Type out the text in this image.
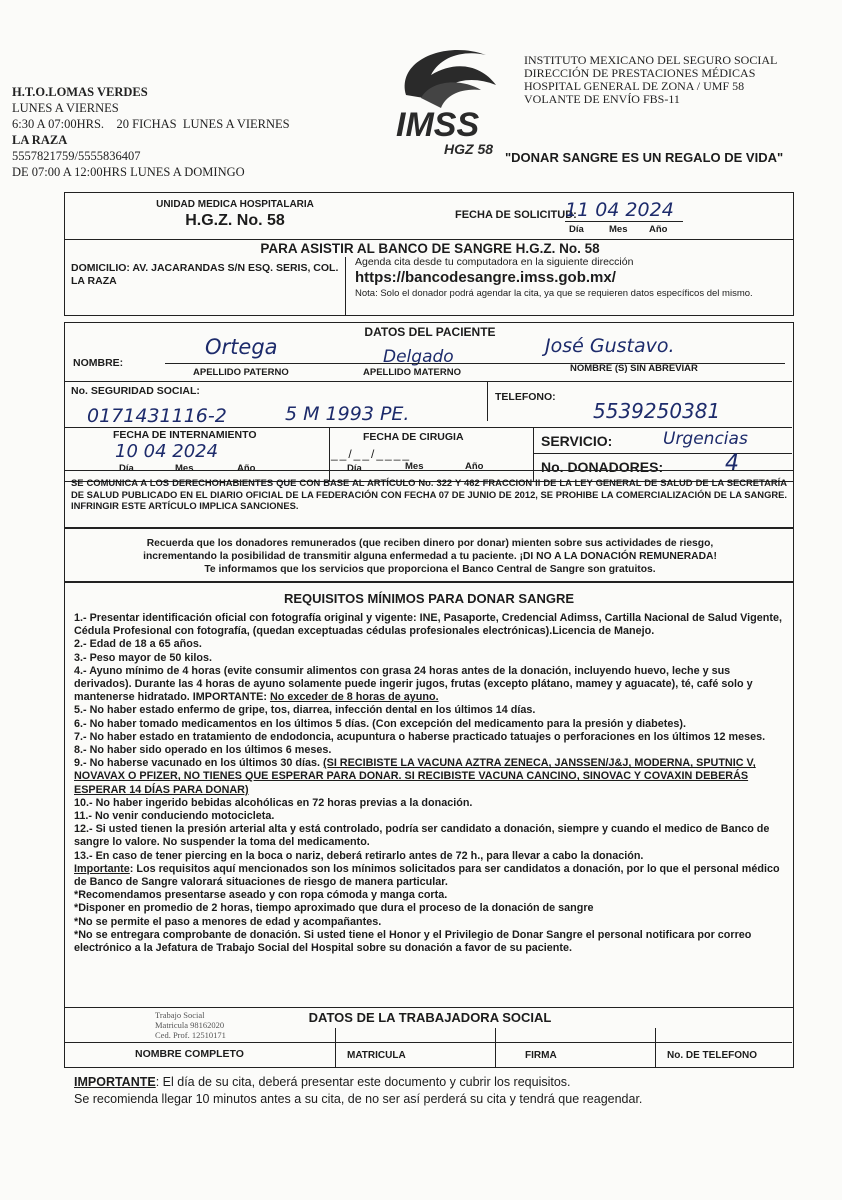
H.T.O.LOMAS VERDES
LUNES A VIERNES
6:30 A 07:00HRS.    20 FICHAS  LUNES A VIERNES
LA RAZA
5557821759/5555836407
DE 07:00 A 12:00HRS LUNES A DOMINGO
IMSS
HGZ 58
INSTITUTO MEXICANO DEL SEGURO SOCIAL
DIRECCIÓN DE PRESTACIONES MÉDICAS
HOSPITAL GENERAL DE ZONA / UMF 58
VOLANTE DE ENVÍO FBS-11
"DONAR SANGRE ES UN REGALO DE VIDA"
UNIDAD MEDICA HOSPITALARIA
H.G.Z. No. 58	FECHA DE SOLICITUD:
11 04 2024
Día	Mes Año
PARA ASISTIR AL BANCO DE SANGRE H.G.Z. No. 58
DOMICILIO: AV. JACARANDAS S/N ESQ. SERIS, COL. LA RAZA
Agenda cita desde tu computadora en la siguiente dirección
https://bancodesangre.imss.gob.mx/
Nota: Solo el donador podrá agendar la cita, ya que se requieren datos específicos del mismo.
DATOS DEL PACIENTE
NOMBRE:
Ortega	Delgado	José Gustavo.
APELLIDO PATERNO	APELLIDO MATERNO	NOMBRE (S) SIN ABREVIAR
No. SEGURIDAD SOCIAL:
0171431116-2	5 M 1993 PE.
TELEFONO:
5539250381
FECHA DE INTERNAMIENTO
10 04 2024
Día	Mes	Año
FECHA DE CIRUGIA
__/__/____
Día	Mes	Año
SERVICIO:	Urgencias
No. DONADORES:	4
SE COMUNICA A LOS DERECHOHABIENTES QUE CON BASE AL ARTÍCULO No. 322 Y 462 FRACCION II DE LA LEY GENERAL DE SALUD DE LA SECRETARÍA DE SALUD PUBLICADO EN EL DIARIO OFICIAL DE LA FEDERACIÓN CON FECHA 07 DE JUNIO DE 2012, SE PROHIBE LA COMERCIALIZACIÓN DE LA SANGRE. INFRINGIR ESTE ARTÍCULO IMPLICA SANCIONES.
Recuerda que los donadores remunerados (que reciben dinero por donar) mienten sobre sus actividades de riesgo,
incrementando la posibilidad de transmitir alguna enfermedad a tu paciente. ¡DI NO A LA DONACIÓN REMUNERADA!
Te informamos que los servicios que proporciona el Banco Central de Sangre son gratuitos.
REQUISITOS MÍNIMOS PARA DONAR SANGRE

1.- Presentar identificación oficial con fotografía original y vigente: INE, Pasaporte, Credencial Adimss, Cartilla Nacional de Salud Vigente, Cédula Profesional con fotografía, (quedan exceptuadas cédulas profesionales electrónicas).Licencia de Manejo.

2.- Edad de 18 a 65 años.

3.- Peso mayor de 50 kilos.

4.- Ayuno mínimo de 4 horas (evite consumir alimentos con grasa 24 horas antes de la donación, incluyendo huevo, leche y sus derivados). Durante las 4 horas de ayuno solamente puede ingerir jugos, frutas (excepto plátano, mamey y aguacate), té, café solo y mantenerse hidratado. IMPORTANTE: No exceder de 8 horas de ayuno.

5.- No haber estado enfermo de gripe, tos, diarrea, infección dental en los últimos 14 días.

6.- No haber tomado medicamentos en los últimos 5 días. (Con excepción del medicamento para la presión y diabetes).

7.- No haber estado en tratamiento de endodoncia, acupuntura o haberse practicado tatuajes o perforaciones en los últimos 12 meses.

8.- No haber sido operado en los últimos 6 meses.

9.- No haberse vacunado en los últimos 30 días. (SI RECIBISTE LA VACUNA AZTRA ZENECA, JANSSEN/J&J, MODERNA, SPUTNIC V, NOVAVAX O PFIZER, NO TIENES QUE ESPERAR PARA DONAR. SI RECIBISTE VACUNA CANCINO, SINOVAC Y COVAXIN DEBERÁS ESPERAR 14 DÍAS PARA DONAR)

10.- No haber ingerido bebidas alcohólicas en 72 horas previas a la donación.

11.- No venir conduciendo motocicleta.

12.- Si usted tienen la presión arterial alta y está controlado, podría ser candidato a donación, siempre y cuando el medico de Banco de sangre lo valore. No suspender la toma del medicamento.

13.- En caso de tener piercing en la boca o nariz, deberá retirarlo antes de 72 h., para llevar a cabo la donación.

Importante: Los requisitos aquí mencionados son los mínimos solicitados para ser candidatos a donación, por lo que el personal médico de Banco de Sangre valorará situaciones de riesgo de manera particular.

*Recomendamos presentarse aseado y con ropa cómoda y manga corta.

*Disponer en promedio de 2 horas, tiempo aproximado que dura el proceso de la donación de sangre

*No se permite el paso a menores de edad y acompañantes.

*No se entregara comprobante de donación. Si usted tiene el Honor y el Privilegio de Donar Sangre el personal notificara por correo electrónico a la Jefatura de Trabajo Social del Hospital sobre su donación a favor de su paciente.

DATOS DE LA TRABAJADORA SOCIAL
Trabajo Social
Matricula 98162020
Ced. Prof. 12510171
NOMBRE COMPLETO	MATRICULA	FIRMA	No. DE TELEFONO
IMPORTANTE: El día de su cita, deberá presentar este documento y cubrir los requisitos.
Se recomienda llegar 10 minutos antes a su cita, de no ser así perderá su cita y tendrá que reagendar.
